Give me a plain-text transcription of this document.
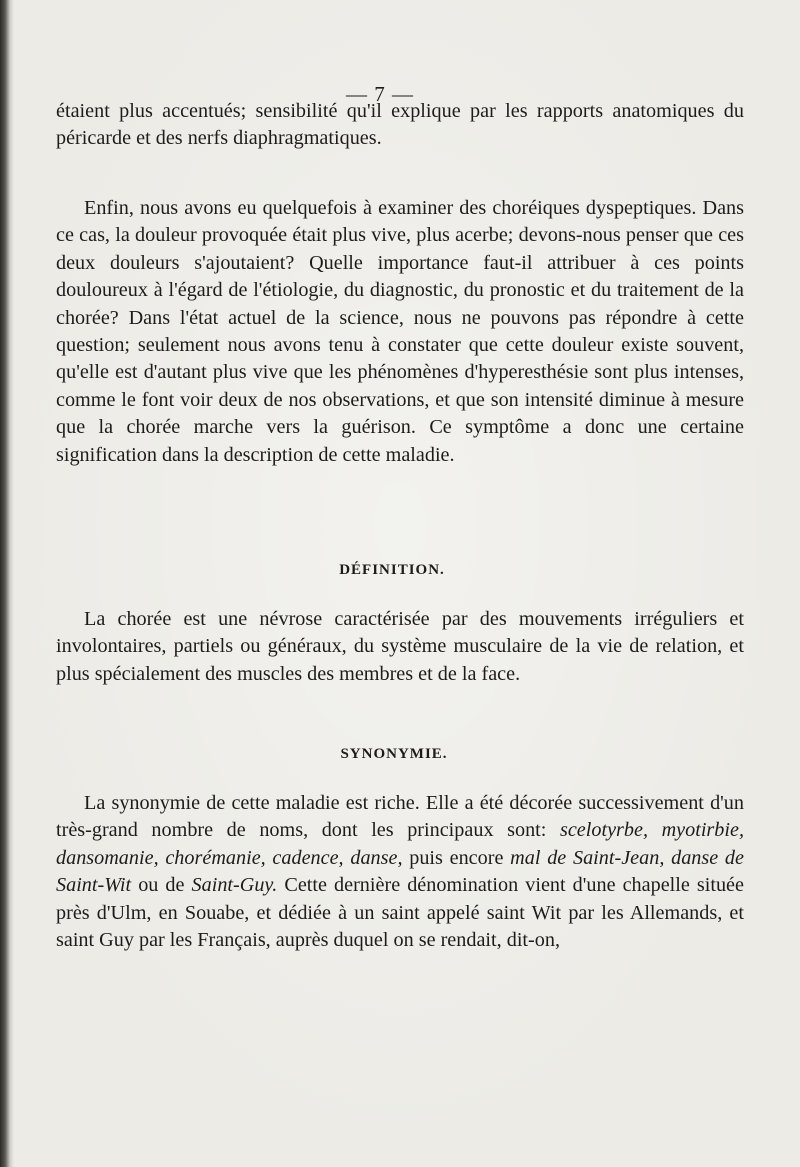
— 7 —

étaient plus accentués; sensibilité qu'il explique par les rapports anatomiques du péricarde et des nerfs diaphragmatiques.

Enfin, nous avons eu quelquefois à examiner des choréiques dyspeptiques. Dans ce cas, la douleur provoquée était plus vive, plus acerbe; devons-nous penser que ces deux douleurs s'ajoutaient? Quelle importance faut-il attribuer à ces points douloureux à l'égard de l'étiologie, du diagnostic, du pronostic et du traitement de la chorée? Dans l'état actuel de la science, nous ne pouvons pas répondre à cette question; seulement nous avons tenu à constater que cette douleur existe souvent, qu'elle est d'autant plus vive que les phénomènes d'hyperesthésie sont plus intenses, comme le font voir deux de nos observations, et que son intensité diminue à mesure que la chorée marche vers la guérison. Ce symptôme a donc une certaine signification dans la description de cette maladie.

DÉFINITION.

La chorée est une névrose caractérisée par des mouvements irréguliers et involontaires, partiels ou généraux, du système musculaire de la vie de relation, et plus spécialement des muscles des membres et de la face.

SYNONYMIE.

La synonymie de cette maladie est riche. Elle a été décorée successivement d'un très-grand nombre de noms, dont les principaux sont: scelotyrbe, myotirbie, dansomanie, chorémanie, cadence, danse, puis encore mal de Saint-Jean, danse de Saint-Wit ou de Saint-Guy. Cette dernière dénomination vient d'une chapelle située près d'Ulm, en Souabe, et dédiée à un saint appelé saint Wit par les Allemands, et saint Guy par les Français, auprès duquel on se rendait, dit-on,
